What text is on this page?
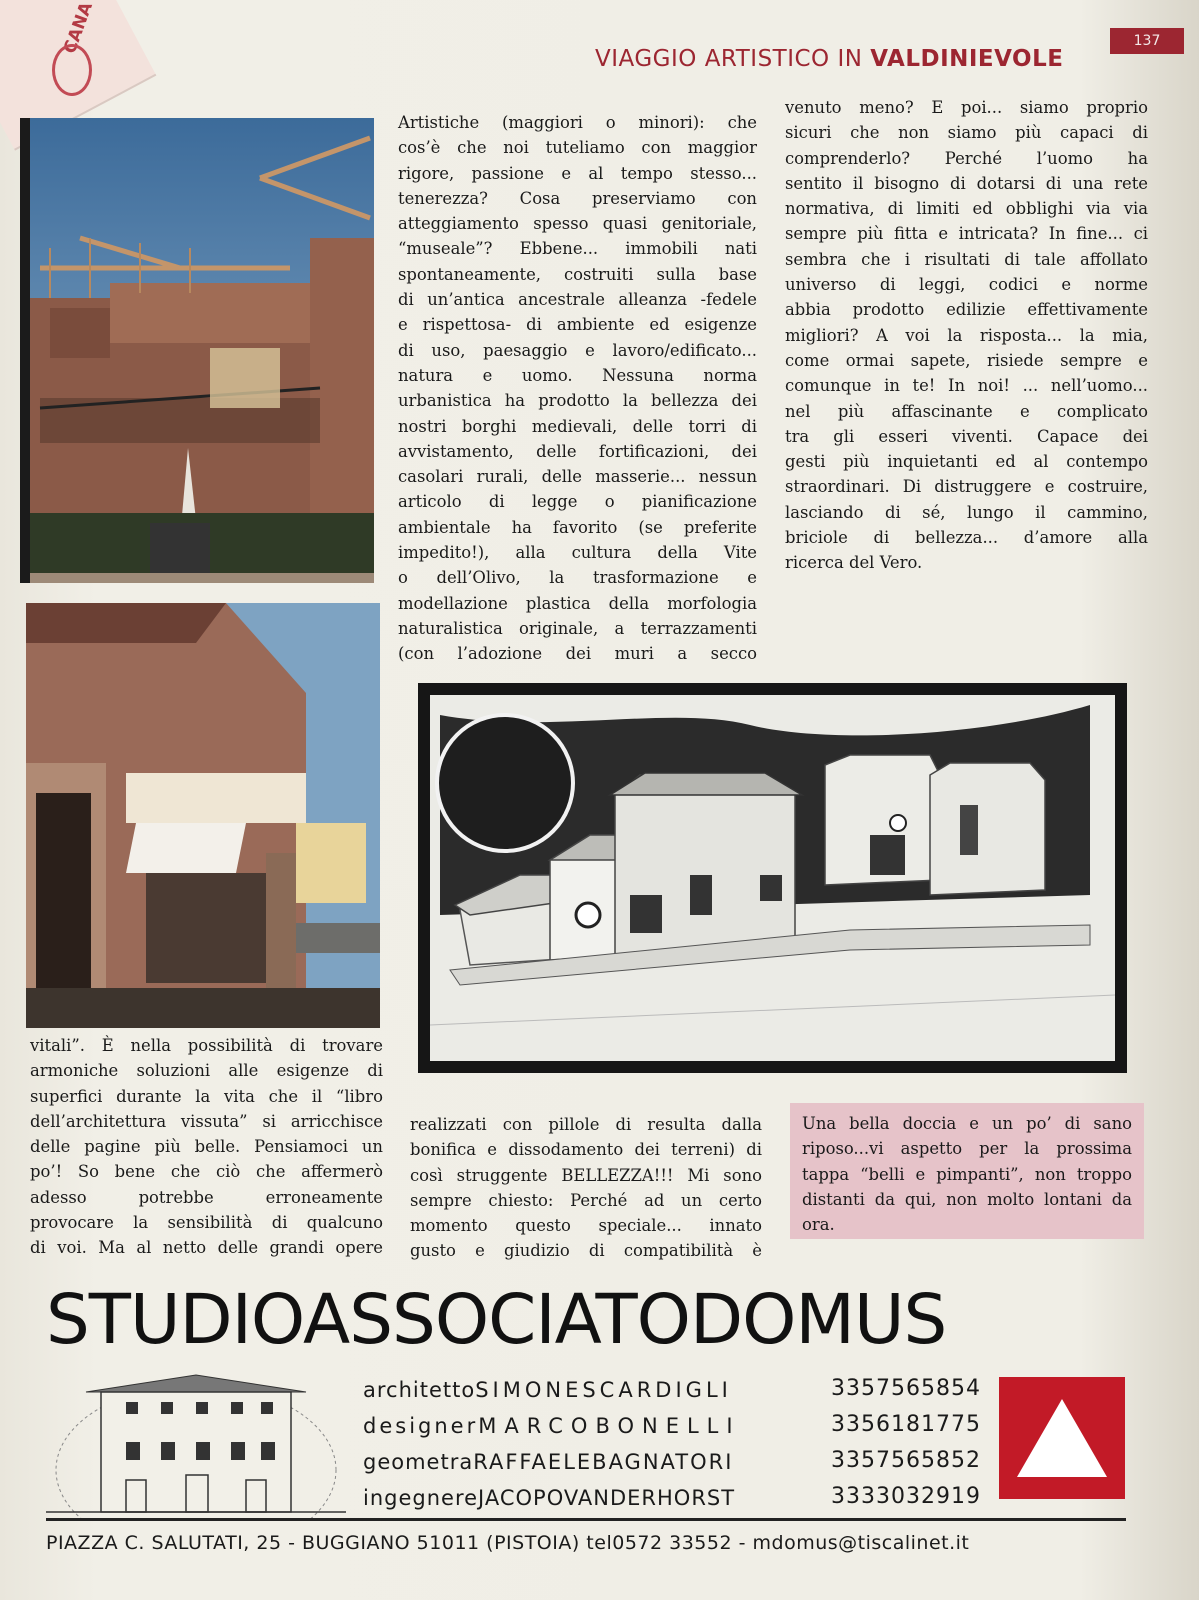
CANA
VIAGGIO ARTISTICO IN VALDINIEVOLE
137
Artistiche (maggiori o minori): che
cos’è che noi tuteliamo con maggior
rigore, passione e al tempo stesso...
tenerezza? Cosa preserviamo con
atteggiamento spesso quasi genitoriale,
“museale”? Ebbene... immobili nati
spontaneamente, costruiti sulla base
di un’antica ancestrale alleanza -fedele
e rispettosa- di ambiente ed esigenze
di uso, paesaggio e lavoro/edificato...
natura e uomo. Nessuna norma
urbanistica ha prodotto la bellezza dei
nostri borghi medievali, delle torri di
avvistamento, delle fortificazioni, dei
casolari rurali, delle masserie... nessun
articolo di legge o pianificazione
ambientale ha favorito (se preferite
impedito!), alla cultura della Vite
o dell’Olivo, la trasformazione e
modellazione plastica della morfologia
naturalistica originale, a terrazzamenti
(con l’adozione dei muri a secco
venuto meno? E poi... siamo proprio
sicuri che non siamo più capaci di
comprenderlo? Perché l’uomo ha
sentito il bisogno di dotarsi di una rete
normativa, di limiti ed obblighi via via
sempre più fitta e intricata? In fine... ci
sembra che i risultati di tale affollato
universo di leggi, codici e norme
abbia prodotto edilizie effettivamente
migliori? A voi la risposta... la mia,
come ormai sapete, risiede sempre e
comunque in te! In noi! ... nell’uomo...
nel più affascinante e complicato
tra gli esseri viventi. Capace dei
gesti più inquietanti ed al contempo
straordinari. Di distruggere e costruire,
lasciando di sé, lungo il cammino,
briciole di bellezza... d’amore alla
ricerca del Vero.
vitali”. È nella possibilità di trovare
armoniche soluzioni alle esigenze di
superfici durante la vita che il “libro
dell’architettura vissuta” si arricchisce
delle pagine più belle. Pensiamoci un
po’! So bene che ciò che affermerò
adesso potrebbe erroneamente
provocare la sensibilità di qualcuno
di voi. Ma al netto delle grandi opere
realizzati con pillole di resulta dalla
bonifica e dissodamento dei terreni) di
così struggente BELLEZZA!!! Mi sono
sempre chiesto: Perché ad un certo
momento questo speciale... innato
gusto e giudizio di compatibilità è
Una bella doccia e un po’ di sano
riposo...vi aspetto per la prossima
tappa “belli e pimpanti”, non troppo
distanti da qui, non molto lontani da
ora.
STUDIOASSOCIATODOMUS
architettoSIMONESCARDIGLI	3357565854
designerMARCOBONELLI	3356181775
geometraRAFFAELEBAGNATORI	3357565852
ingegnereJACOPOVANDERHORST	3333032919
PIAZZA C. SALUTATI, 25 - BUGGIANO 51011 (PISTOIA) tel0572 33552 - mdomus@tiscalinet.it
